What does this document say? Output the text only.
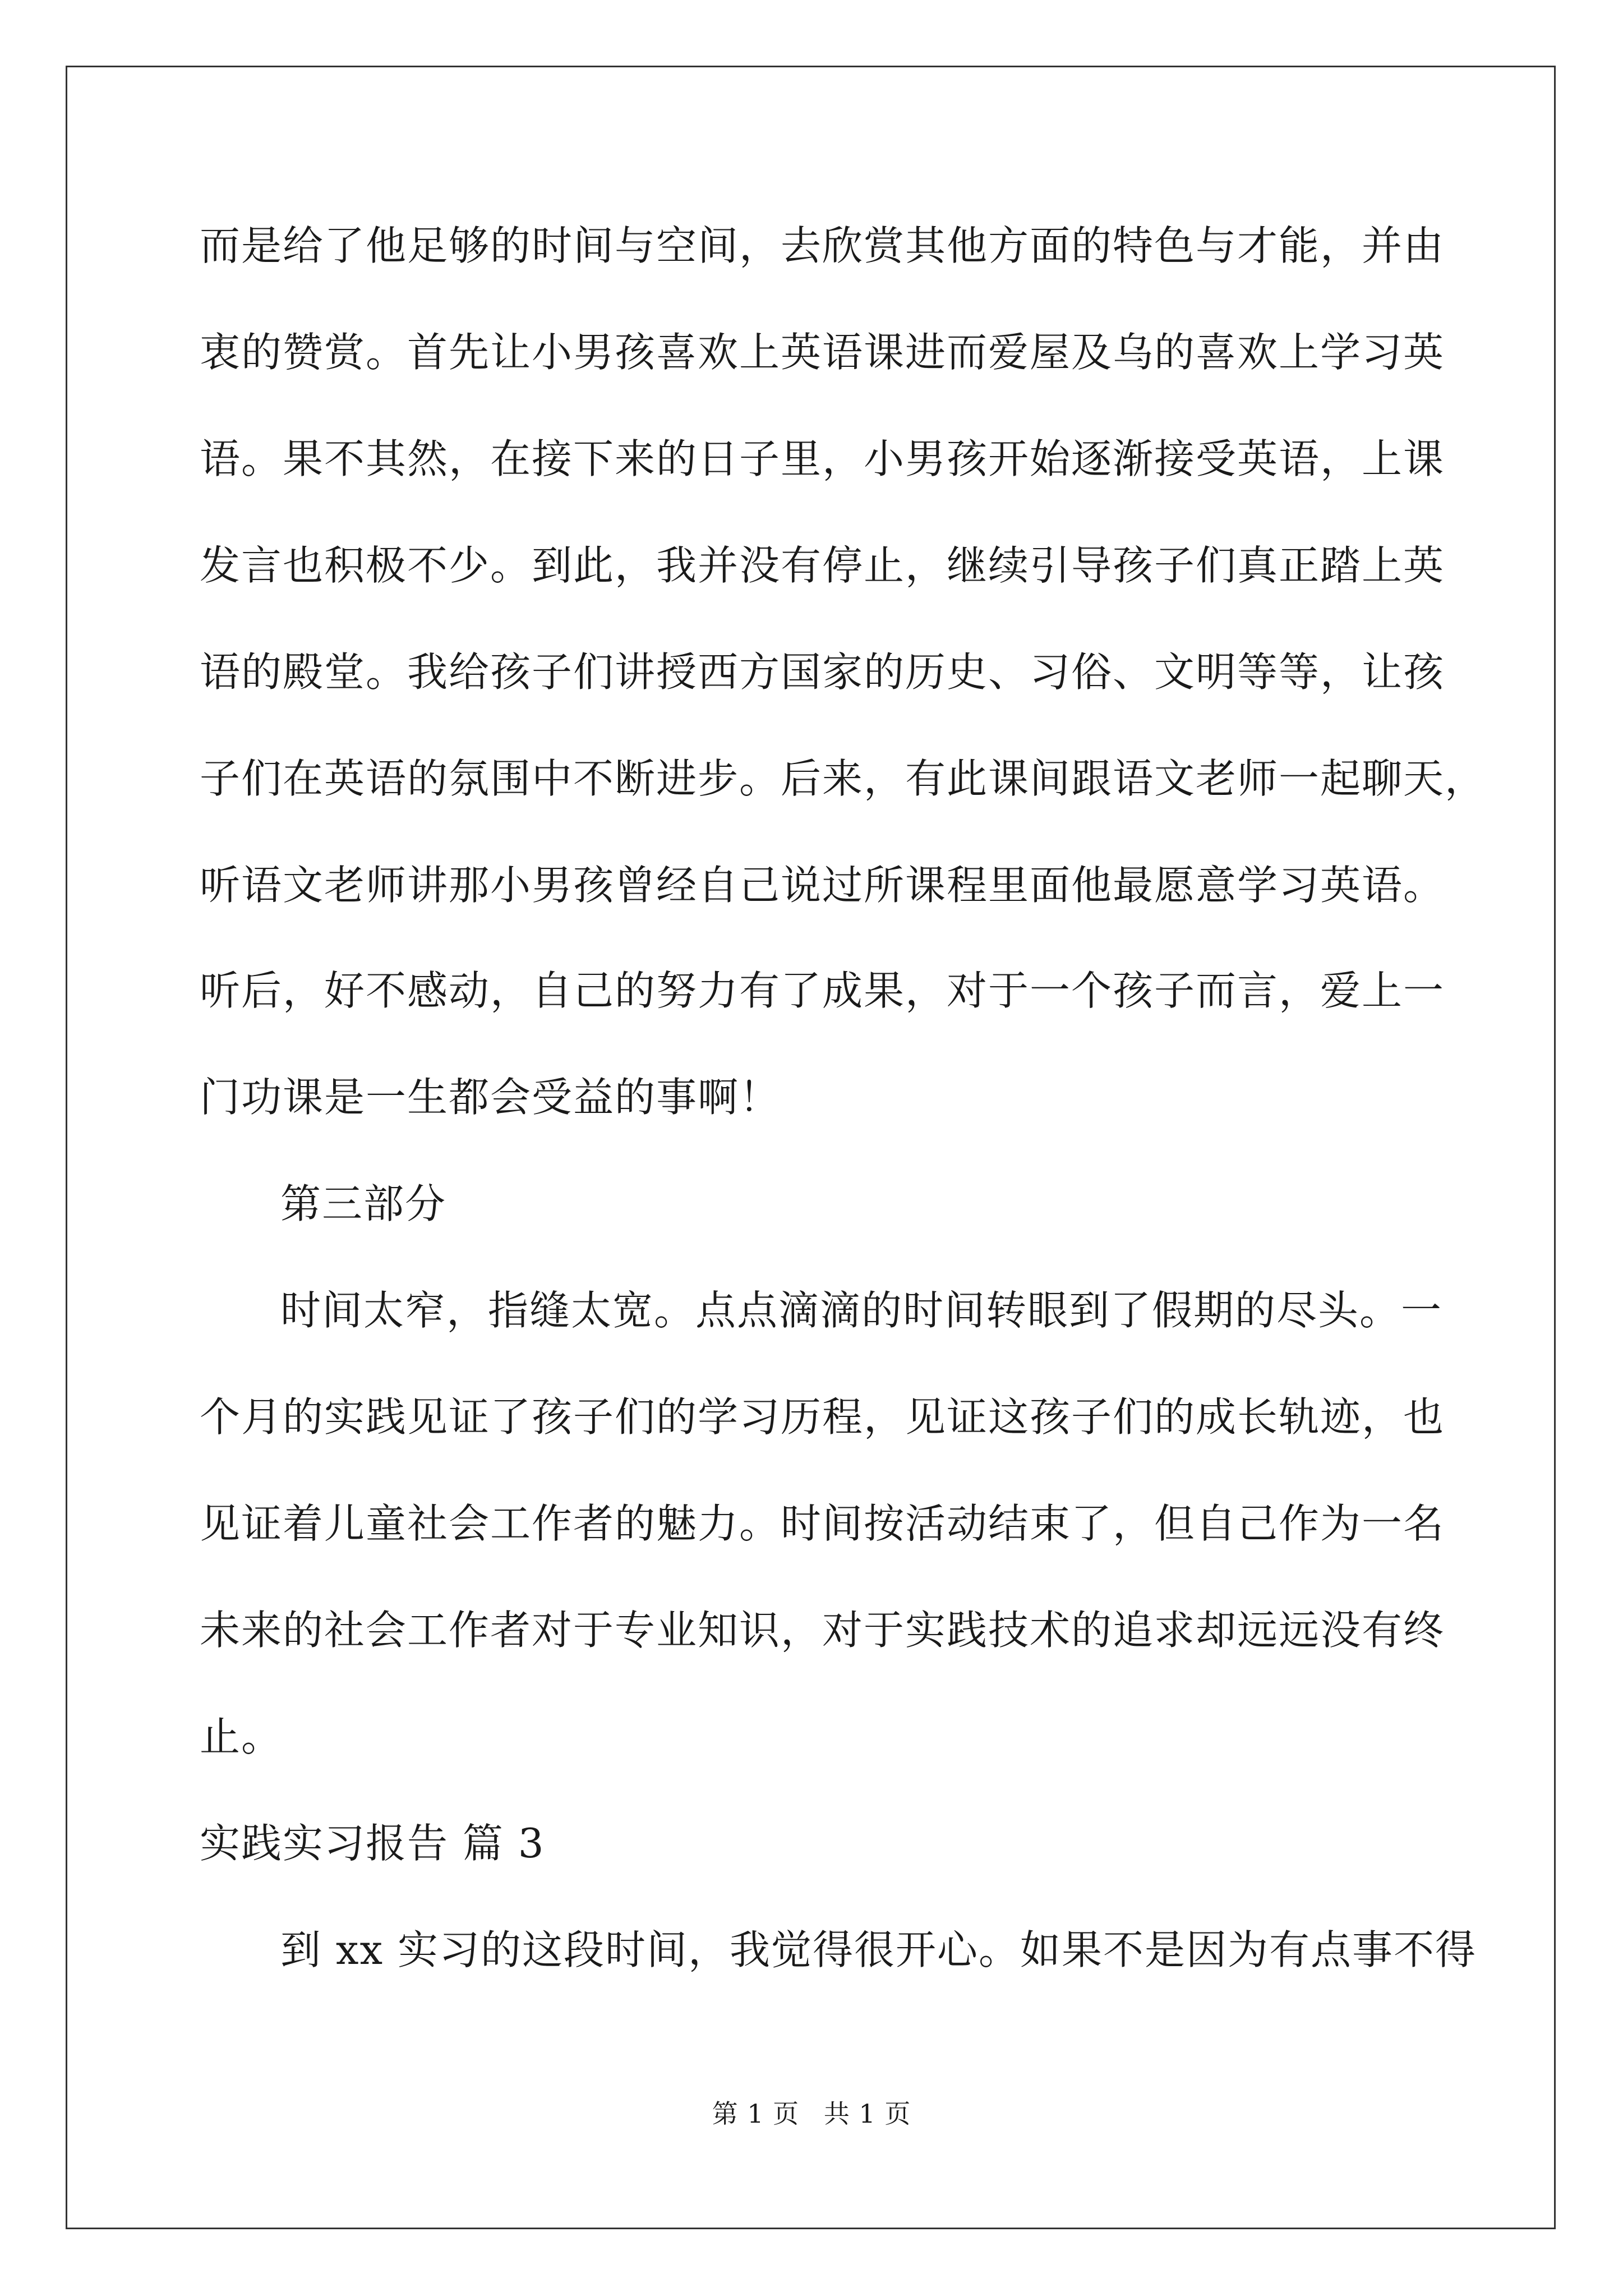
而是给了他足够的时间与空间，去欣赏其他方面的特色与才能，并由
衷的赞赏。首先让小男孩喜欢上英语课进而爱屋及乌的喜欢上学习英
语。果不其然，在接下来的日子里，小男孩开始逐渐接受英语，上课
发言也积极不少。到此，我并没有停止，继续引导孩子们真正踏上英
语的殿堂。我给孩子们讲授西方国家的历史、习俗、文明等等，让孩
子们在英语的氛围中不断进步。后来，有此课间跟语文老师一起聊天，
听语文老师讲那小男孩曾经自己说过所课程里面他最愿意学习英语。
听后，好不感动，自己的努力有了成果，对于一个孩子而言，爱上一
门功课是一生都会受益的事啊！
第三部分
时间太窄，指缝太宽。点点滴滴的时间转眼到了假期的尽头。一
个月的实践见证了孩子们的学习历程，见证这孩子们的成长轨迹，也
见证着儿童社会工作者的魅力。时间按活动结束了，但自己作为一名
未来的社会工作者对于专业知识，对于实践技术的追求却远远没有终
止。
实践实习报告 篇 3
到 xx 实习的这段时间，我觉得很开心。如果不是因为有点事不得
第 1 页 共 1 页
